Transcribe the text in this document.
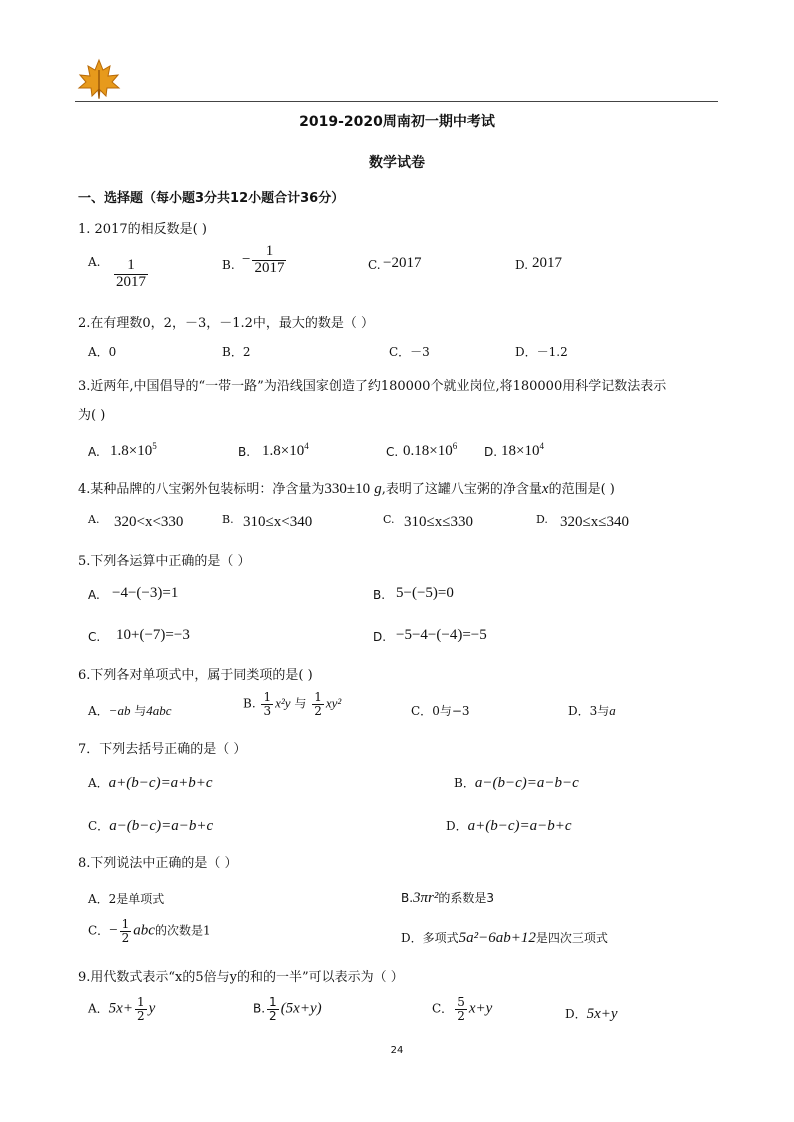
2019-2020周南初一期中考试
数学试卷
一、选择题（每小题3分共12小题合计36分）
1. 2017的相反数是( )
A. $\frac{1}{2017}$	B. − $\frac{1}{2017}$	C. −2017	D. 2017
2.在有理数0，2，－3，－1.2中，最大的数是（ ）
A．0	B．2	C．－3	D．－1.2
3.近两年,中国倡导的“一带一路”为沿线国家创造了约180000个就业岗位,将180000用科学记数法表示
为( )
A. $1.8\times 10^5$	B. $1.8\times 10^4$	C. $0.18\times 10^6$ D. $18\times 10^4$
4.某种品牌的八宝粥外包装标明：净含量为330±10 g,表明了这罐八宝粥的净含量x的范围是( )
A. 320<x<330	B. 310≤x<340	C. 310≤x≤330	D. 320≤x≤340
5.下列各运算中正确的是（ ）
A. −4−(−3)=1	B. 5−(−5)=0
C. 10+(−7)=−3	D. −5−4−(−4)=−5
6.下列各对单项式中，属于同类项的是( )
A．−ab 与4abc	B. $\frac{1}{3} x^2y$ 与 $\frac{1}{2} xy^2$
C．0与−3	D．3与a
7．下列去括号正确的是（ ）
A．a+(b−c)=a+b+c	B．a−(b−c)=a−b−c
C．a−(b−c)=a−b+c	D．a+(b−c)=a−b+c
8.下列说法中正确的是（ ）
A．2是单项式	B.3πr²的系数是3
C．− $\frac{1}{2}$ abc的次数是1
D．多项式5a²−6ab+12是四次三项式
9.用代数式表示“x的5倍与y的和的一半”可以表示为（ ）
A．$5x+ \frac{1}{2}$ y	B. $\frac{1}{2} (5x+y)$	C． $\frac{5}{2} x+y$	D．5x+y
24
